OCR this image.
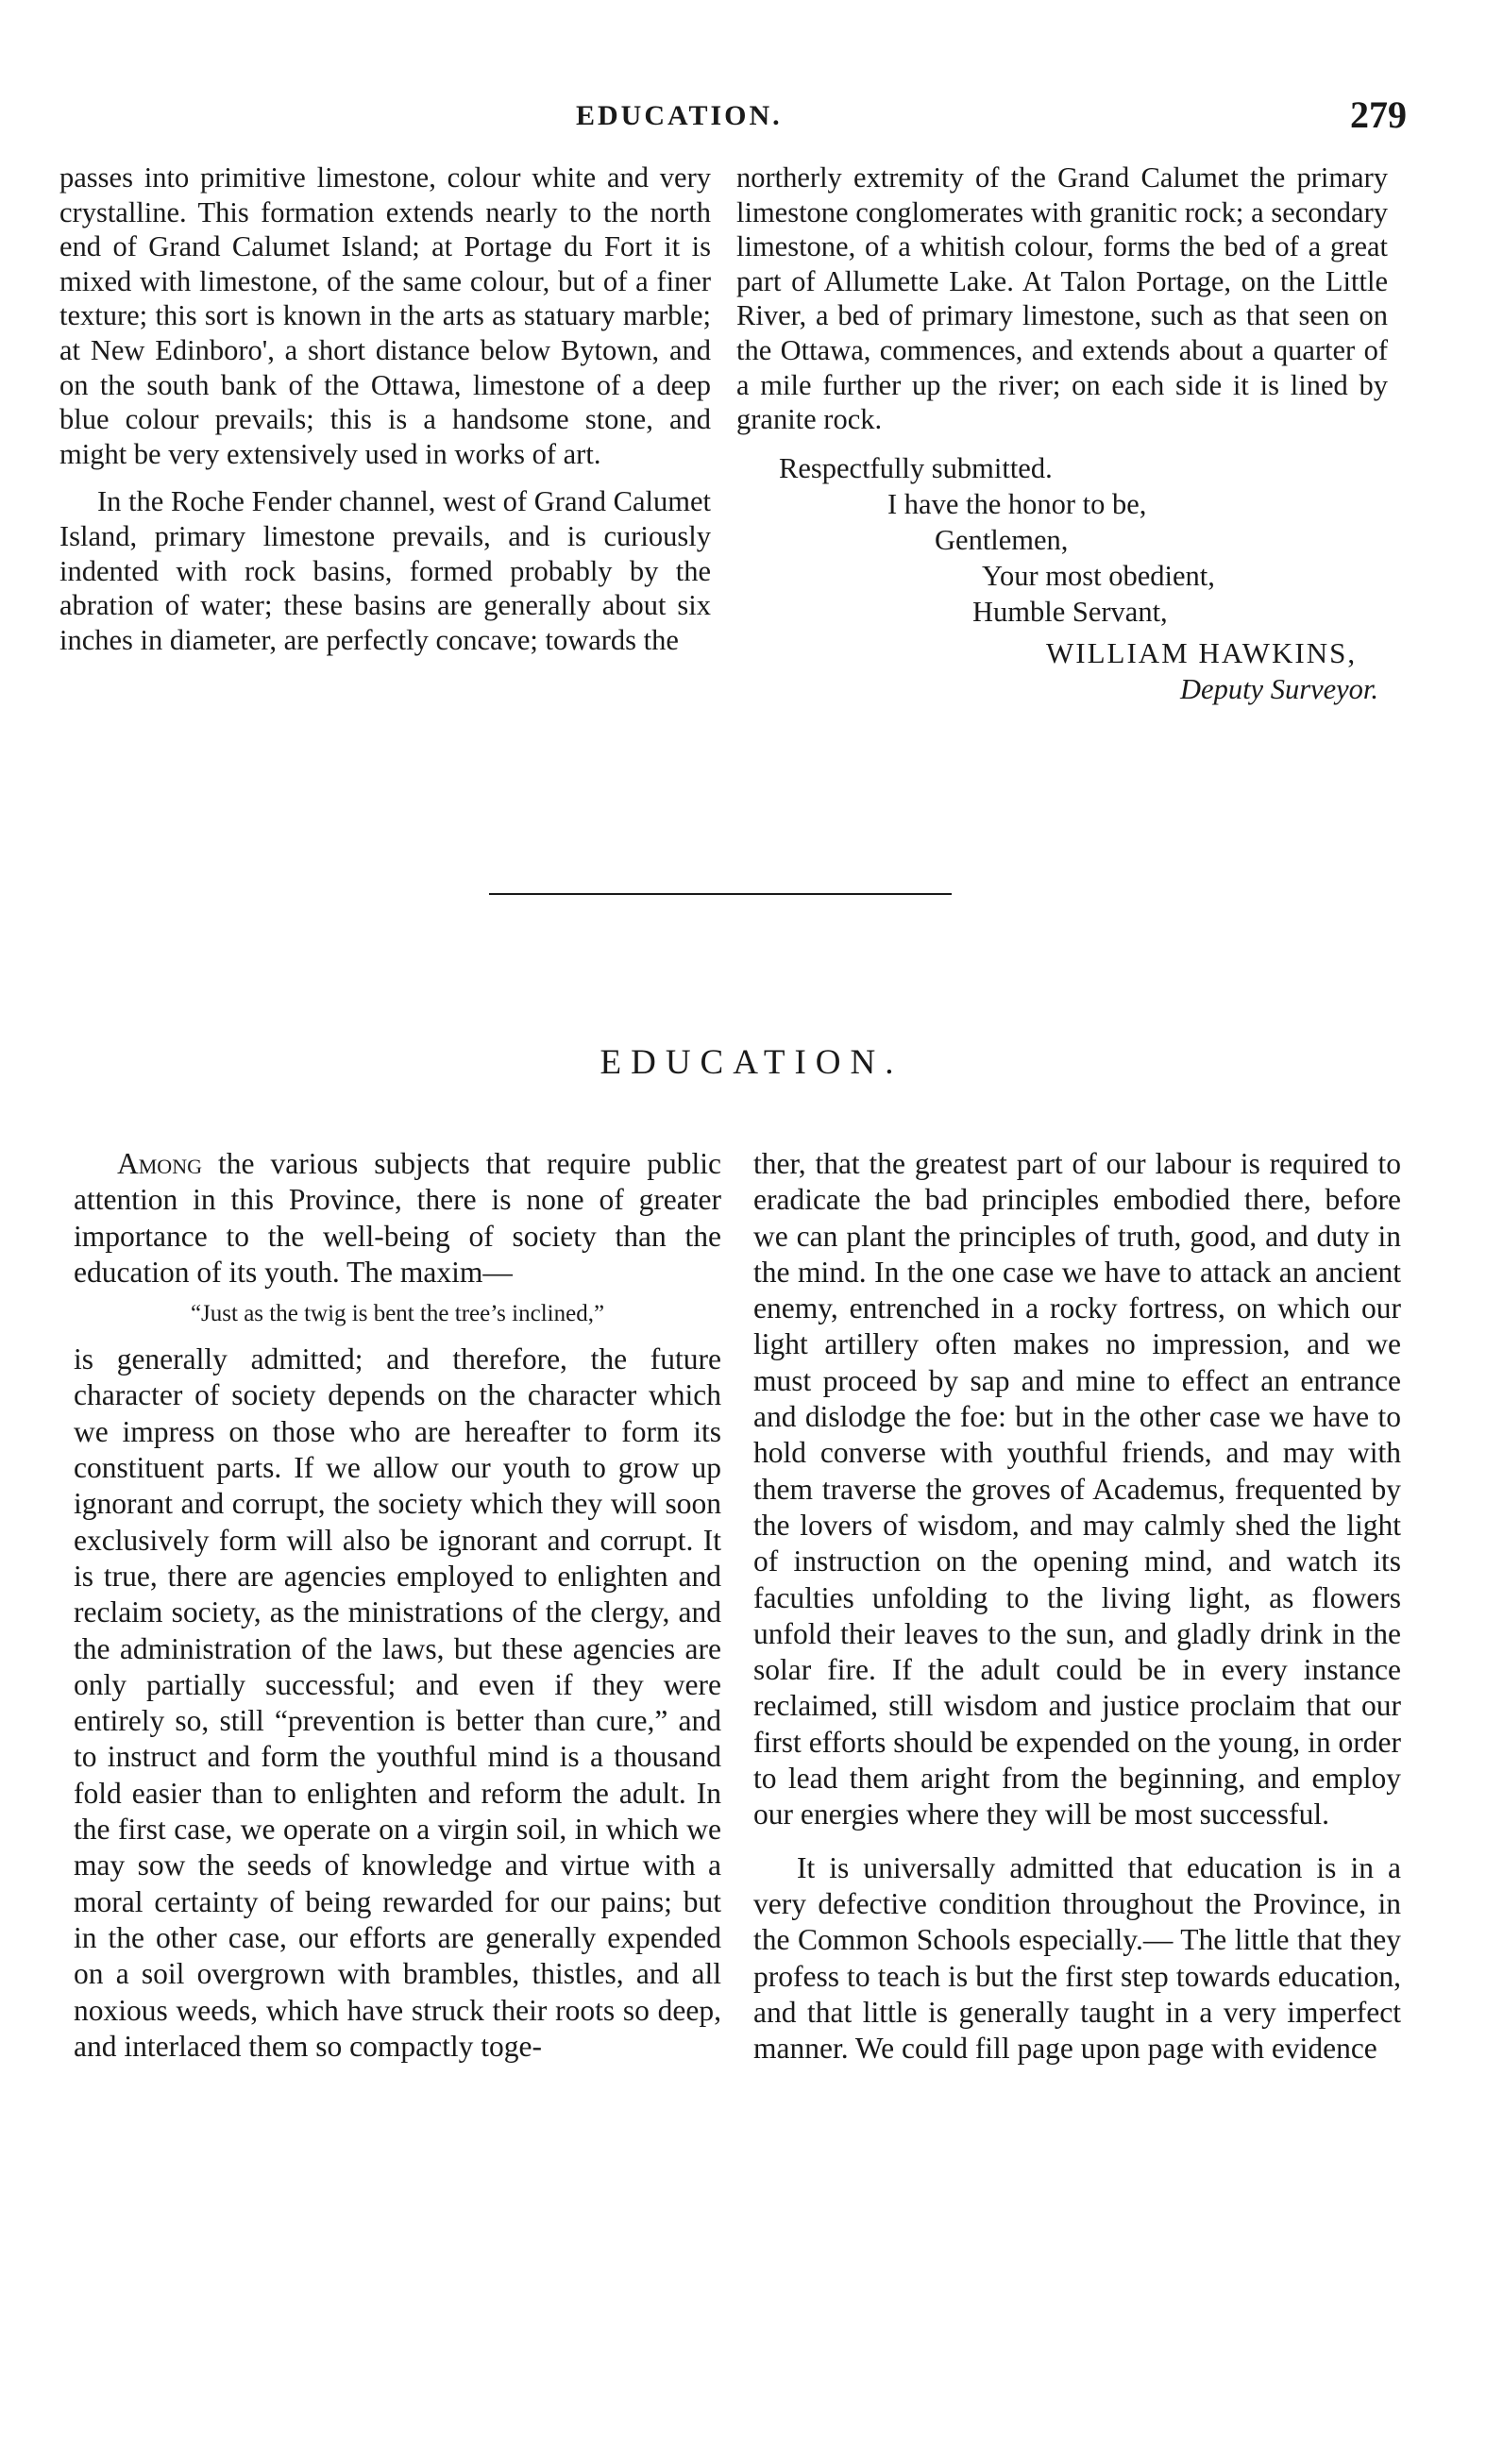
EDUCATION.	279

passes into primitive limestone, colour white and very crystalline. This formation extends nearly to the north end of Grand Calumet Island; at Portage du Fort it is mixed with limestone, of the same colour, but of a finer texture; this sort is known in the arts as statuary marble; at New Edinboro', a short distance below Bytown, and on the south bank of the Ottawa, limestone of a deep blue colour prevails; this is a handsome stone, and might be very extensively used in works of art.

In the Roche Fender channel, west of Grand Calumet Island, primary limestone prevails, and is curiously indented with rock basins, formed probably by the abration of water; these basins are generally about six inches in diameter, are perfectly concave; towards the

northerly extremity of the Grand Calumet the primary limestone conglomerates with granitic rock; a secondary limestone, of a whitish colour, forms the bed of a great part of Allumette Lake. At Talon Portage, on the Little River, a bed of primary limestone, such as that seen on the Ottawa, commences, and extends about a quarter of a mile further up the river; on each side it is lined by granite rock.

Respectfully submitted.
I have the honor to be,
Gentlemen,
Your most obedient,
Humble Servant,
WILLIAM HAWKINS,
Deputy Surveyor.
EDUCATION.

Among the various subjects that require public attention in this Province, there is none of greater importance to the well-being of society than the education of its youth. The maxim—

“Just as the twig is bent the tree’s inclined,”

is generally admitted; and therefore, the future character of society depends on the character which we impress on those who are hereafter to form its constituent parts. If we allow our youth to grow up ignorant and corrupt, the society which they will soon exclusively form will also be ignorant and corrupt. It is true, there are agencies employed to enlighten and reclaim society, as the ministrations of the clergy, and the administration of the laws, but these agencies are only partially successful; and even if they were entirely so, still “prevention is better than cure,” and to instruct and form the youthful mind is a thousand fold easier than to enlighten and reform the adult. In the first case, we operate on a virgin soil, in which we may sow the seeds of knowledge and virtue with a moral certainty of being rewarded for our pains; but in the other case, our efforts are generally expended on a soil overgrown with brambles, thistles, and all noxious weeds, which have struck their roots so deep, and interlaced them so compactly toge-

ther, that the greatest part of our labour is required to eradicate the bad principles embodied there, before we can plant the principles of truth, good, and duty in the mind. In the one case we have to attack an ancient enemy, entrenched in a rocky fortress, on which our light artillery often makes no impression, and we must proceed by sap and mine to effect an entrance and dislodge the foe: but in the other case we have to hold converse with youthful friends, and may with them traverse the groves of Academus, frequented by the lovers of wisdom, and may calmly shed the light of instruction on the opening mind, and watch its faculties unfolding to the living light, as flowers unfold their leaves to the sun, and gladly drink in the solar fire. If the adult could be in every instance reclaimed, still wisdom and justice proclaim that our first efforts should be expended on the young, in order to lead them aright from the beginning, and employ our energies where they will be most successful.

It is universally admitted that education is in a very defective condition throughout the Province, in the Common Schools especially.— The little that they profess to teach is but the first step towards education, and that little is generally taught in a very imperfect manner. We could fill page upon page with evidence
